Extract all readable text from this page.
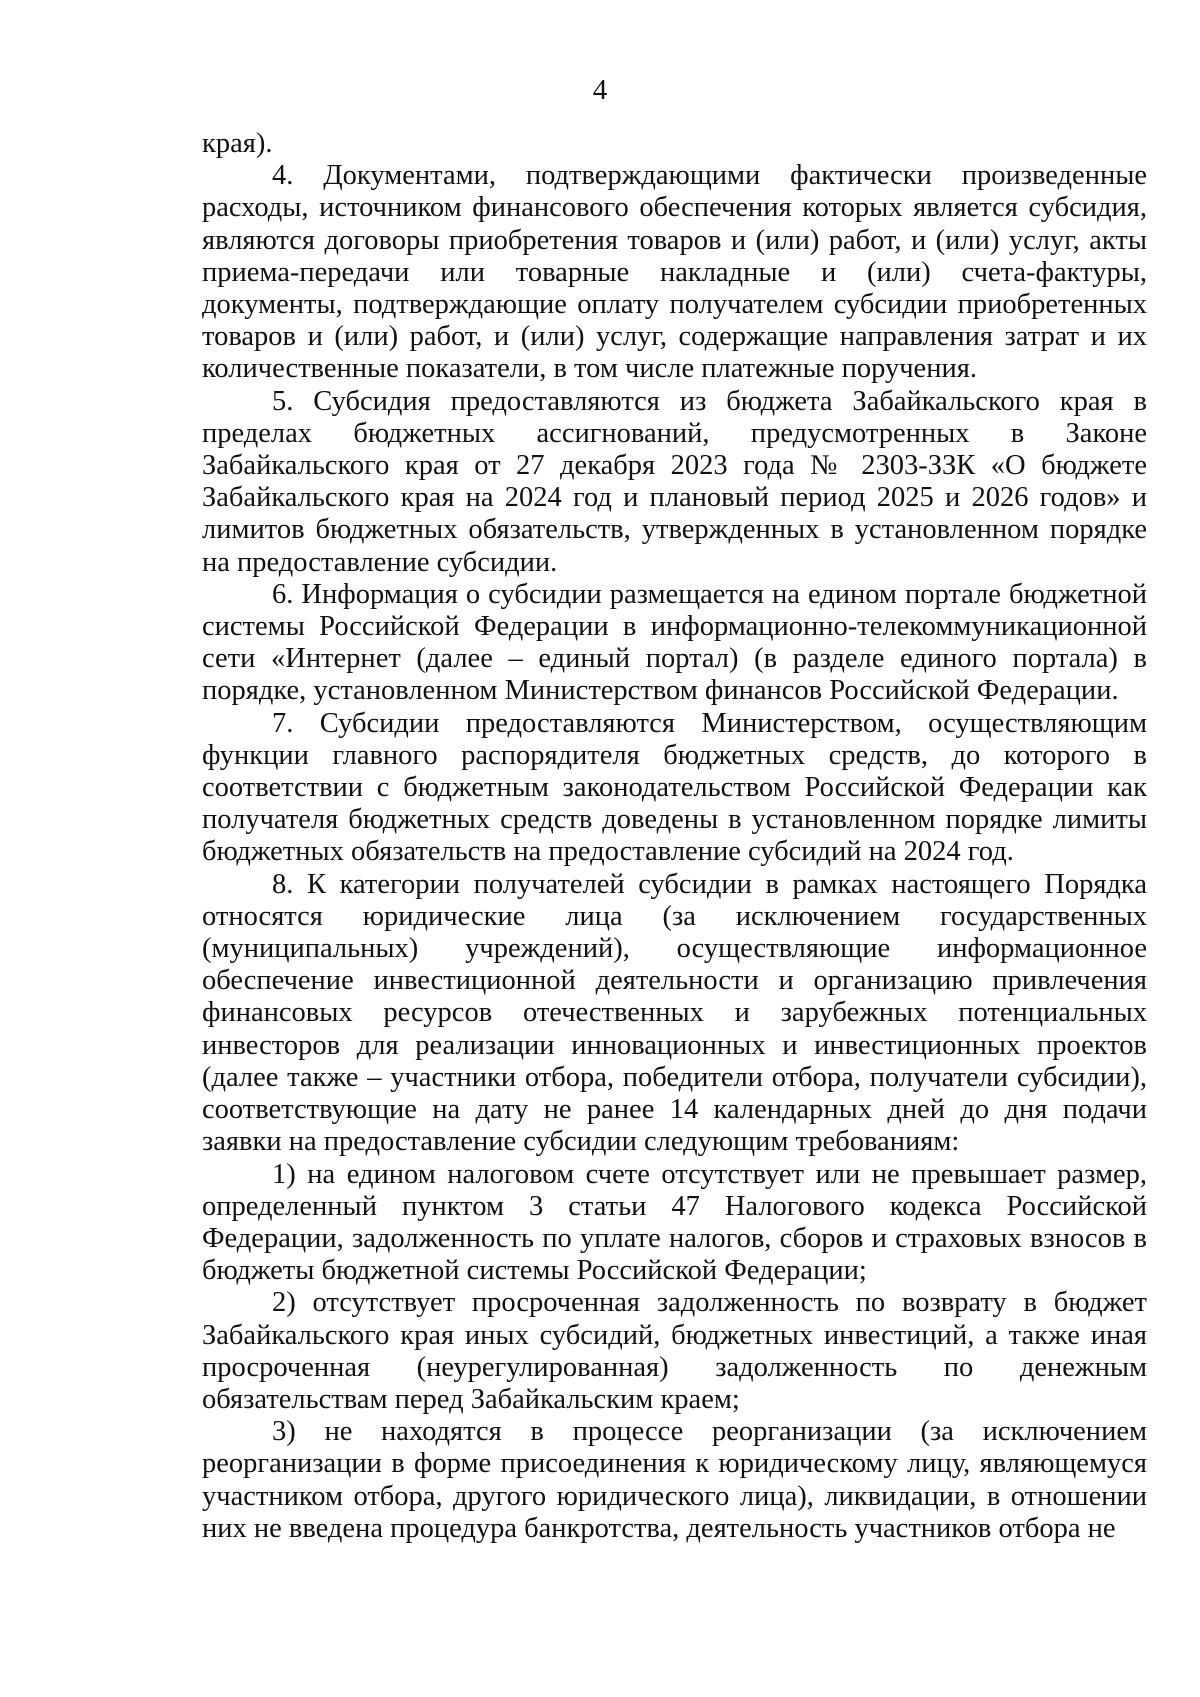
4

края).

4. Документами, подтверждающими фактически произведенные расходы, источником финансового обеспечения которых является субсидия, являются договоры приобретения товаров и (или) работ, и (или) услуг, акты приема-передачи или товарные накладные и (или) счета-фактуры, документы, подтверждающие оплату получателем субсидии приобретенных товаров и (или) работ, и (или) услуг, содержащие направления затрат и их количественные показатели, в том числе платежные поручения.

5. Субсидия предоставляются из бюджета Забайкальского края в пределах бюджетных ассигнований, предусмотренных в Законе Забайкальского края от 27 декабря 2023 года № 2303-ЗЗК «О бюджете Забайкальского края на 2024 год и плановый период 2025 и 2026 годов» и лимитов бюджетных обязательств, утвержденных в установленном порядке на предоставление субсидии.

6. Информация о субсидии размещается на едином портале бюджетной системы Российской Федерации в информационно-телекоммуникационной сети «Интернет (далее – единый портал) (в разделе единого портала) в порядке, установленном Министерством финансов Российской Федерации.

7. Субсидии предоставляются Министерством, осуществляющим функции главного распорядителя бюджетных средств, до которого в соответствии с бюджетным законодательством Российской Федерации как получателя бюджетных средств доведены в установленном порядке лимиты бюджетных обязательств на предоставление субсидий на 2024 год.

8. К категории получателей субсидии в рамках настоящего Порядка относятся юридические лица (за исключением государственных (муниципальных) учреждений), осуществляющие информационное обеспечение инвестиционной деятельности и организацию привлечения финансовых ресурсов отечественных и зарубежных потенциальных инвесторов для реализации инновационных и инвестиционных проектов (далее также – участники отбора, победители отбора, получатели субсидии), соответствующие на дату не ранее 14 календарных дней до дня подачи заявки на предоставление субсидии следующим требованиям:

1) на едином налоговом счете отсутствует или не превышает размер, определенный пунктом 3 статьи 47 Налогового кодекса Российской Федерации, задолженность по уплате налогов, сборов и страховых взносов в бюджеты бюджетной системы Российской Федерации;

2) отсутствует просроченная задолженность по возврату в бюджет Забайкальского края иных субсидий, бюджетных инвестиций, а также иная просроченная (неурегулированная) задолженность по денежным обязательствам перед Забайкальским краем;

3) не находятся в процессе реорганизации (за исключением реорганизации в форме присоединения к юридическому лицу, являющемуся участником отбора, другого юридического лица), ликвидации, в отношении них не введена процедура банкротства, деятельность участников отбора не
